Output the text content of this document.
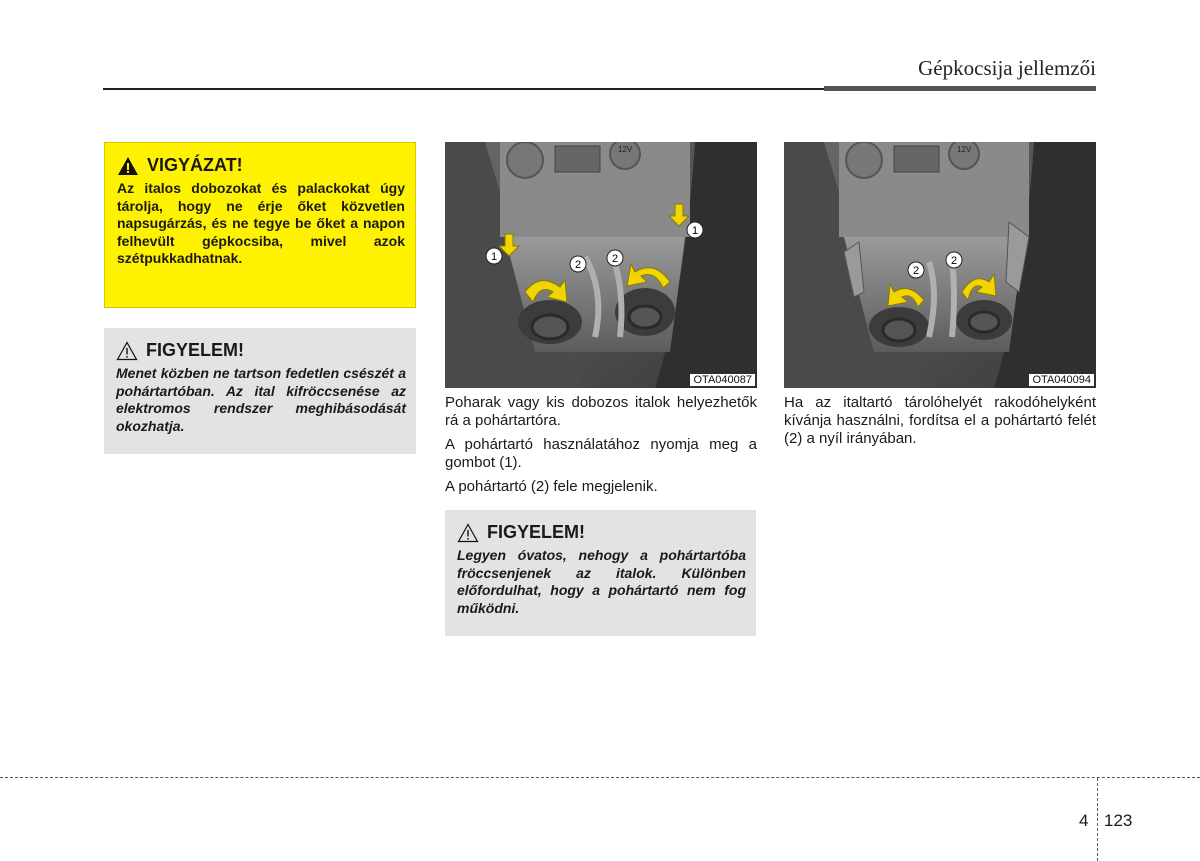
Gépkocsija jellemzői
VIGYÁZAT!

Az italos dobozokat és palackokat úgy tárolja, hogy ne érje őket közvetlen napsugárzás, és ne tegye be őket a napon felhevült gépkocsiba, mivel azok szétpukkadhatnak.

FIGYELEM!

Menet közben ne tartson fedetlen csészét a pohártartóban. Az ital kifröccsenése az elektromos rendszer meghibásodását okozhatja.

12V
1
1
2	2
OTA040087
12V
2
2
OTA040094

Poharak vagy kis dobozos italok helyezhetők rá a pohártartóra.

A pohártartó használatához nyomja meg a gombot (1).

A pohártartó (2) fele megjelenik.

FIGYELEM!

Legyen óvatos, nehogy a pohártartóba fröccsenjenek az italok. Különben előfordulhat, hogy a pohártartó nem fog működni.

Ha az italtartó tárolóhelyét rakodóhelyként kívánja használni, fordítsa el a pohártartó felét (2) a nyíl irányában.

4 123
